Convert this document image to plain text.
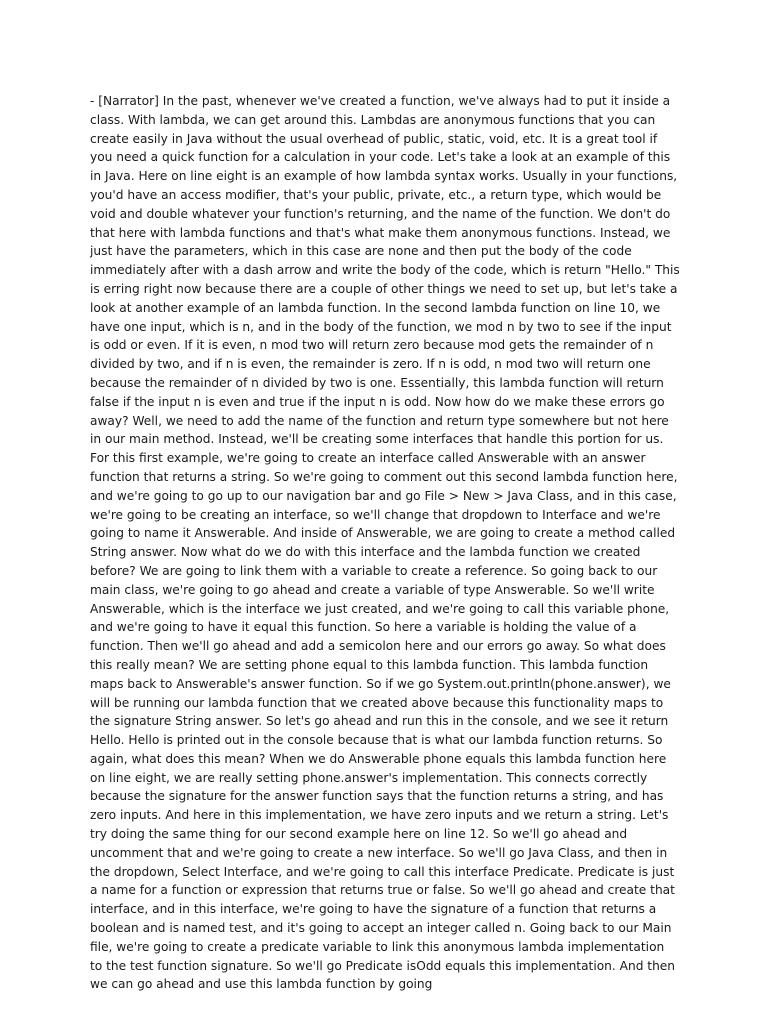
- [Narrator] In the past, whenever we've created a function, we've always had to put it inside a class. With lambda, we can get around this. Lambdas are anonymous functions that you can create easily in Java without the usual overhead of public, static, void, etc. It is a great tool if you need a quick function for a calculation in your code. Let's take a look at an example of this in Java. Here on line eight is an example of how lambda syntax works. Usually in your functions, you'd have an access modifier, that's your public, private, etc., a return type, which would be void and double whatever your function's returning, and the name of the function. We don't do that here with lambda functions and that's what make them anonymous functions. Instead, we just have the parameters, which in this case are none and then put the body of the code immediately after with a dash arrow and write the body of the code, which is return "Hello." This is erring right now because there are a couple of other things we need to set up, but let's take a look at another example of an lambda function. In the second lambda function on line 10, we have one input, which is n, and in the body of the function, we mod n by two to see if the input is odd or even. If it is even, n mod two will return zero because mod gets the remainder of n divided by two, and if n is even, the remainder is zero. If n is odd, n mod two will return one because the remainder of n divided by two is one. Essentially, this lambda function will return false if the input n is even and true if the input n is odd. Now how do we make these errors go away? Well, we need to add the name of the function and return type somewhere but not here in our main method. Instead, we'll be creating some interfaces that handle this portion for us. For this first example, we're going to create an interface called Answerable with an answer function that returns a string. So we're going to comment out this second lambda function here, and we're going to go up to our navigation bar and go File > New > Java Class, and in this case, we're going to be creating an interface, so we'll change that dropdown to Interface and we're going to name it Answerable. And inside of Answerable, we are going to create a method called String answer. Now what do we do with this interface and the lambda function we created before? We are going to link them with a variable to create a reference. So going back to our main class, we're going to go ahead and create a variable of type Answerable. So we'll write Answerable, which is the interface we just created, and we're going to call this variable phone, and we're going to have it equal this function. So here a variable is holding the value of a function. Then we'll go ahead and add a semicolon here and our errors go away. So what does this really mean? We are setting phone equal to this lambda function. This lambda function maps back to Answerable's answer function. So if we go System.out.println(phone.answer), we will be running our lambda function that we created above because this functionality maps to the signature String answer. So let's go ahead and run this in the console, and we see it return Hello. Hello is printed out in the console because that is what our lambda function returns. So again, what does this mean? When we do Answerable phone equals this lambda function here on line eight, we are really setting phone.answer's implementation. This connects correctly because the signature for the answer function says that the function returns a string, and has zero inputs. And here in this implementation, we have zero inputs and we return a string. Let's try doing the same thing for our second example here on line 12. So we'll go ahead and uncomment that and we're going to create a new interface. So we'll go Java Class, and then in the dropdown, Select Interface, and we're going to call this interface Predicate. Predicate is just a name for a function or expression that returns true or false. So we'll go ahead and create that interface, and in this interface, we're going to have the signature of a function that returns a boolean and is named test, and it's going to accept an integer called n. Going back to our Main file, we're going to create a predicate variable to link this anonymous lambda implementation to the test function signature. So we'll go Predicate isOdd equals this implementation. And then we can go ahead and use this lambda function by going
